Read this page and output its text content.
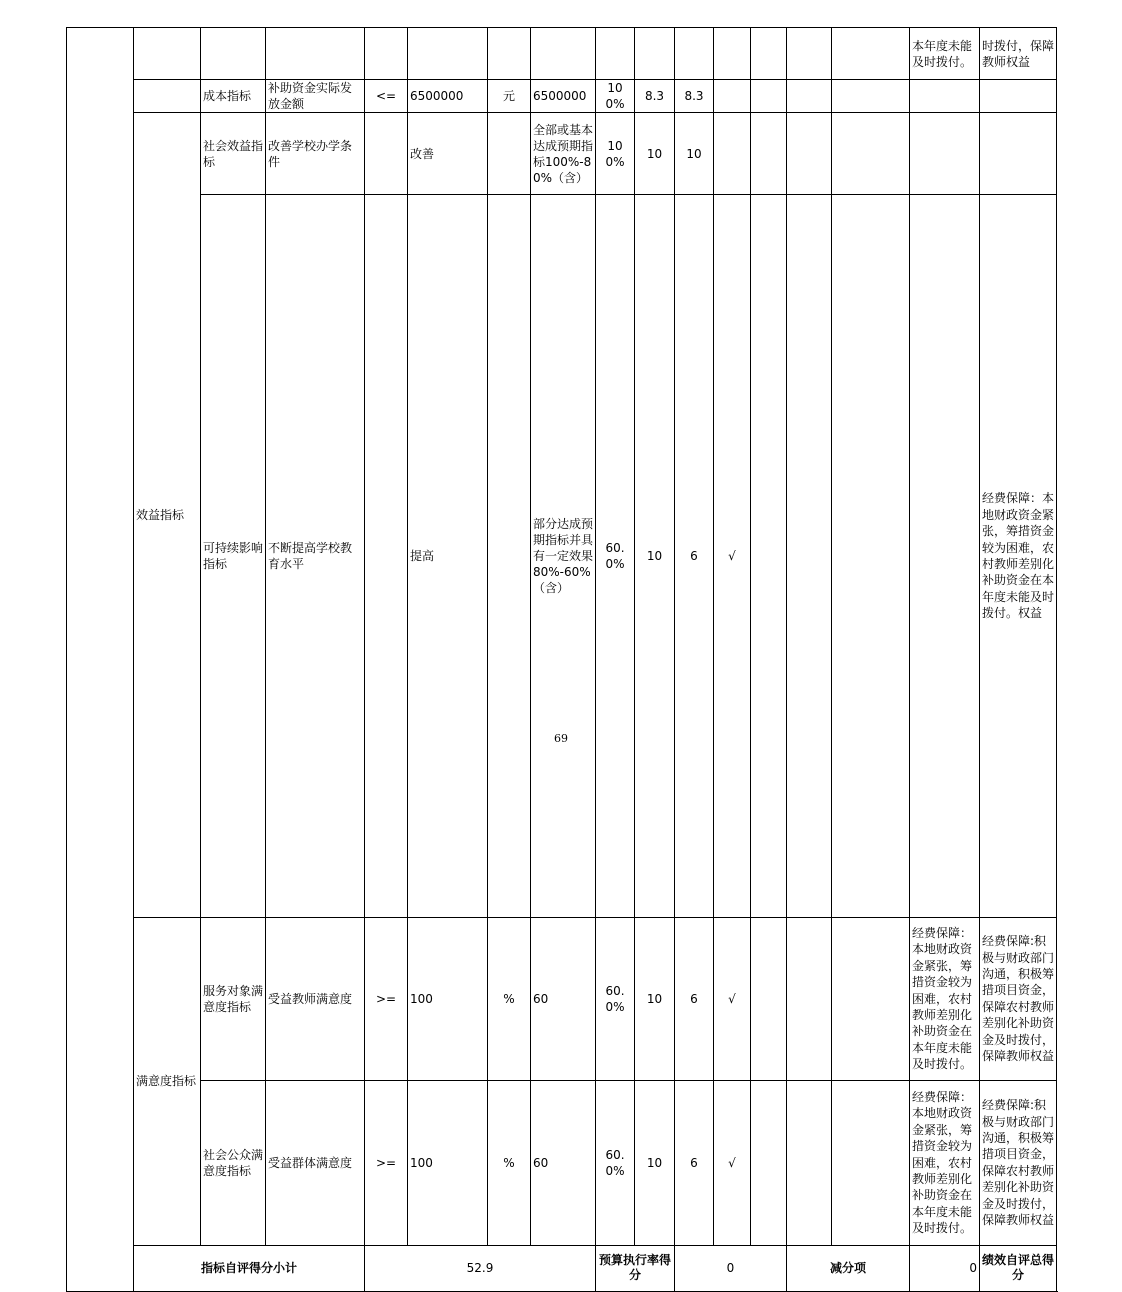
															本年度未能及时拨付。	时拨付，保障教师权益	
		成本指标	补助资金实际发放金额	<=	6500000	元	6500000	100%	8.3	8.3							
	效益指标	社会效益指标	改善学校办学条件		改善		全部或基本达成预期指标100%-80%（含）	100%	10	10							
		可持续影响指标	不断提高学校教育水平		提高		部分达成预期指标并具有一定效果80%-60%（含）	60.0%	10	6	√					经费保障：本地财政资金紧张，筹措资金较为困难，农村教师差别化补助资金在本年度未能及时拨付。权益	
	满意度指标	服务对象满意度指标	受益教师满意度	>=	100	%	60	60.0%	10	6	√				经费保障：本地财政资金紧张，筹措资金较为困难，农村教师差别化补助资金在本年度未能及时拨付。	经费保障:积极与财政部门沟通，积极筹措项目资金，保障农村教师差别化补助资金及时拨付，保障教师权益	
		社会公众满意度指标	受益群体满意度	>=	100	%	60	60.0%	10	6	√				经费保障：本地财政资金紧张，筹措资金较为困难，农村教师差别化补助资金在本年度未能及时拨付。	经费保障:积极与财政部门沟通，积极筹措项目资金，保障农村教师差别化补助资金及时拨付，保障教师权益	
	指标自评得分小计			52.9				预算执行率得分		0			减分项		0	绩效自评总得分	
69
